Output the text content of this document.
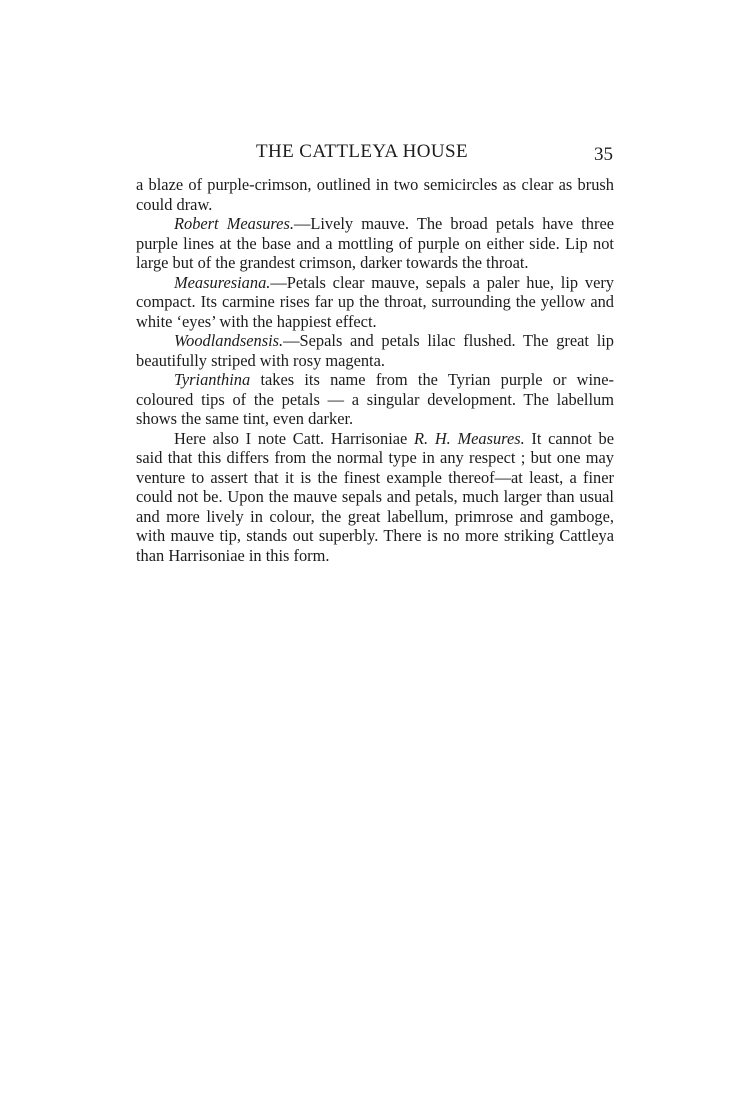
THE CATTLEYA HOUSE	35

a blaze of purple-crimson, outlined in two semicircles as clear as brush could draw.

Robert Measures.—Lively mauve. The broad petals have three purple lines at the base and a mottling of purple on either side. Lip not large but of the grandest crimson, darker towards the throat.

Measuresiana.—Petals clear mauve, sepals a paler hue, lip very compact. Its carmine rises far up the throat, surrounding the yellow and white ‘eyes’ with the happiest effect.

Woodlandsensis.—Sepals and petals lilac flushed. The great lip beautifully striped with rosy magenta.

Tyrianthina takes its name from the Tyrian purple or wine-coloured tips of the petals — a singular development. The labellum shows the same tint, even darker.

Here also I note Catt. Harrisoniae R. H. Measures. It cannot be said that this differs from the normal type in any respect ; but one may venture to assert that it is the finest example thereof—at least, a finer could not be. Upon the mauve sepals and petals, much larger than usual and more lively in colour, the great labellum, primrose and gamboge, with mauve tip, stands out superbly. There is no more striking Cattleya than Harrisoniae in this form.
